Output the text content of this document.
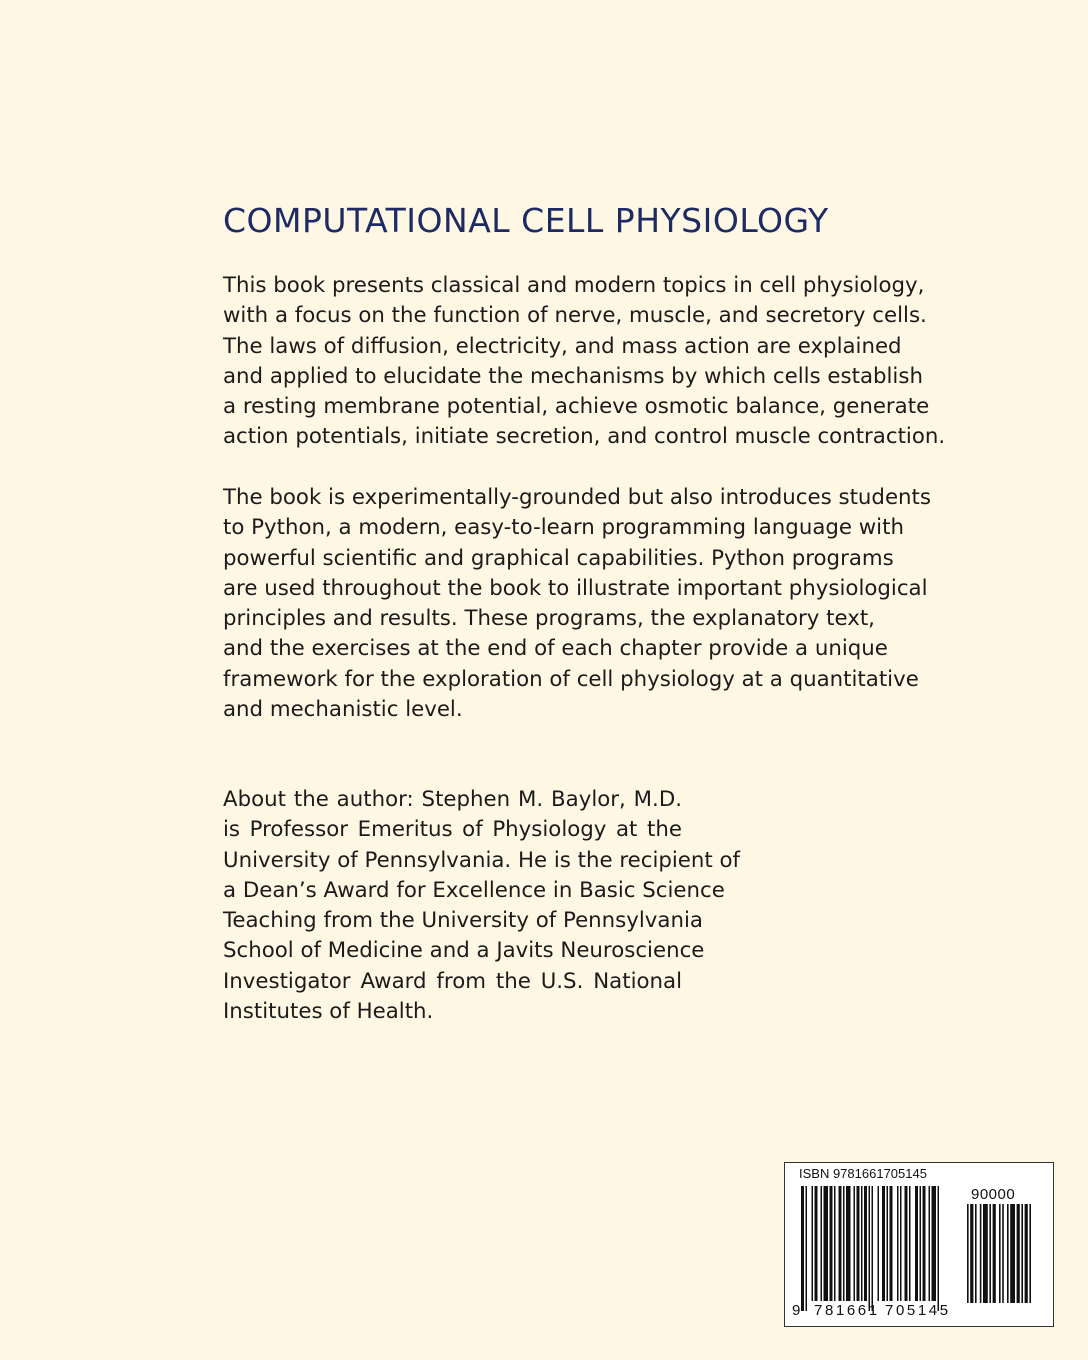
COMPUTATIONAL CELL PHYSIOLOGY
This book presents classical and modern topics in cell physiology,
with a focus on the function of nerve, muscle, and secretory cells.
The laws of diffusion, electricity, and mass action are explained
and applied to elucidate the mechanisms by which cells establish
a resting membrane potential, achieve osmotic balance, generate
action potentials, initiate secretion, and control muscle contraction.
The book is experimentally-grounded but also introduces students
to Python, a modern, easy-to-learn programming language with
powerful scientific and graphical capabilities. Python programs
are used throughout the book to illustrate important physiological
principles and results. These programs, the explanatory text,
and the exercises at the end of each chapter provide a unique
framework for the exploration of cell physiology at a quantitative
and mechanistic level.
About the author: Stephen M. Baylor, M.D.
is Professor Emeritus of Physiology at the
University of Pennsylvania. He is the recipient of
a Dean’s Award for Excellence in Basic Science
Teaching from the University of Pennsylvania
School of Medicine and a Javits Neuroscience
Investigator Award from the U.S. National
Institutes of Health.
ISBN 9781661705145
90000
9 781661 705145
